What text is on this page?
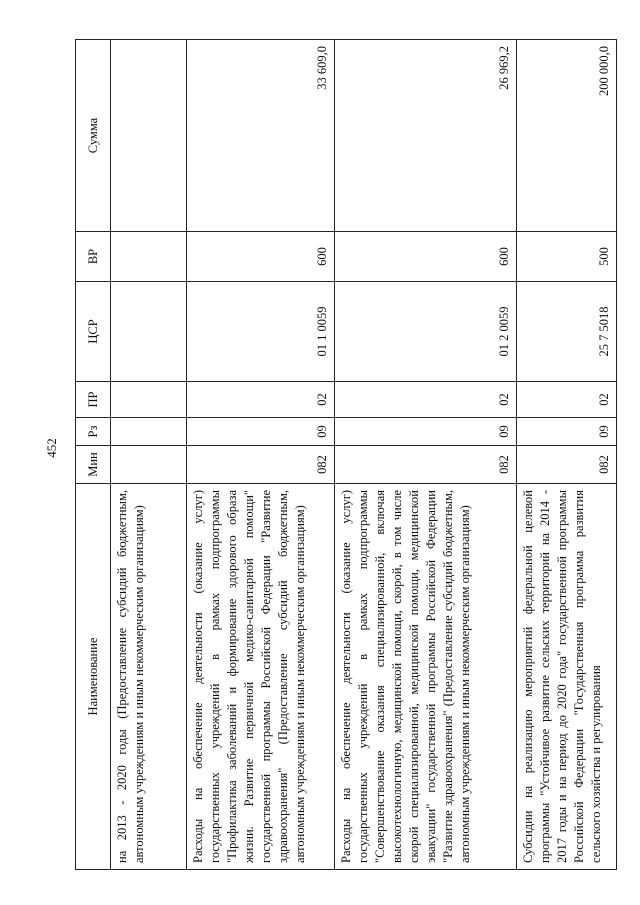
452
Наименование	Мин	Рз	ПР	ЦСР	ВР	Сумма
на 2013 - 2020 годы (Предоставление субсидий бюджетным, автономным учреждениям и иным некоммерческим организациям)						
Расходы на обеспечение деятельности (оказание услуг) государственных учреждений в рамках подпрограммы "Профилактика заболеваний и формирование здорового образа жизни. Развитие первичной медико-санитарной помощи" государственной программы Российской Федерации "Развитие здравоохранения" (Предоставление субсидий бюджетным, автономным учреждениям и иным некоммерческим организациям)	082	09	02	01 1 0059	600	33 609,0
Расходы на обеспечение деятельности (оказание услуг) государственных учреждений в рамках подпрограммы "Совершенствование оказания специализированной, включая высокотехнологичную, медицинской помощи, скорой, в том числе скорой специализированной, медицинской помощи, медицинской эвакуации" государственной программы Российской Федерации "Развитие здравоохранения" (Предоставление субсидий бюджетным, автономным учреждениям и иным некоммерческим организациям)	082	09	02	01 2 0059	600	26 969,2
Субсидии на реализацию мероприятий федеральной целевой программы "Устойчивое развитие сельских территорий на 2014 - 2017 годы и на период до 2020 года" государственной программы Российской Федерации "Государственная программа развития сельского хозяйства и регулирования	082	09	02	25 7 5018	500	200 000,0
